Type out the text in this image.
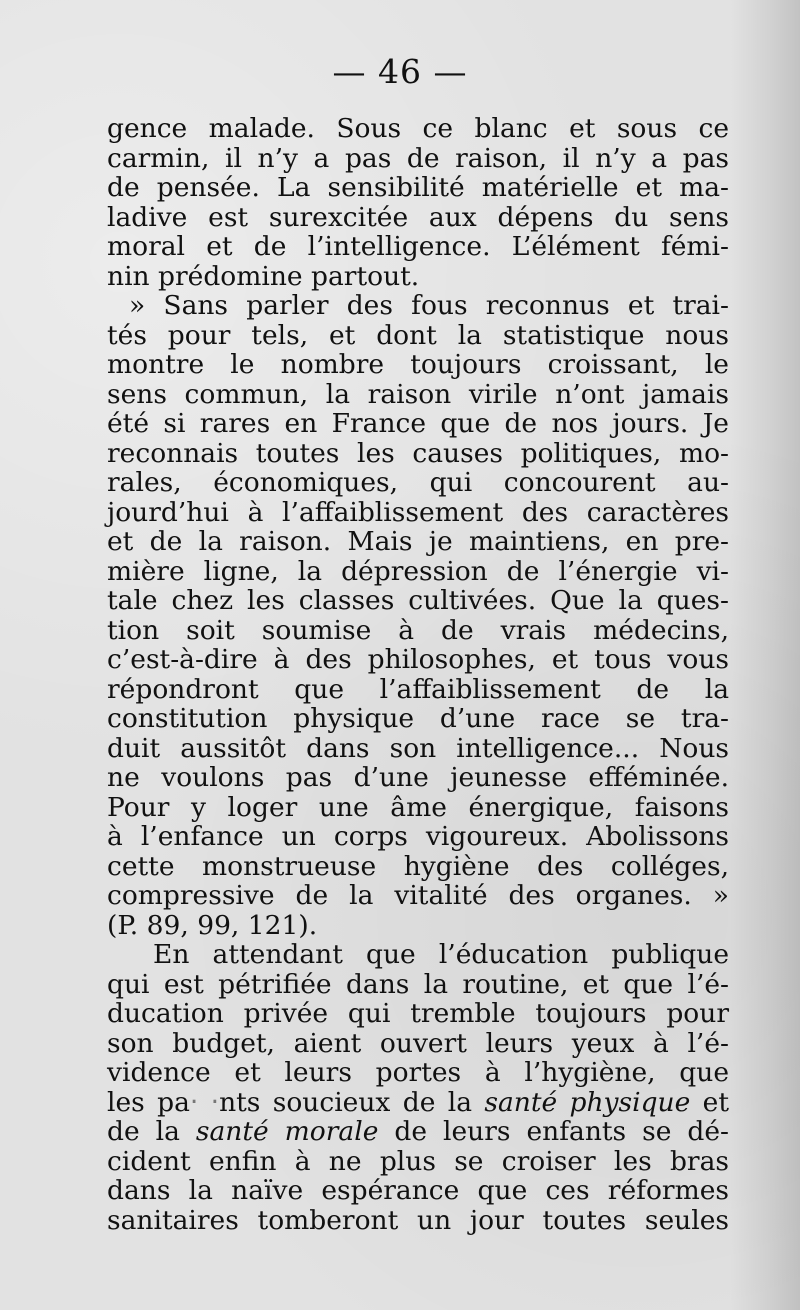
— 46 —
gence malade. Sous ce blanc et sous ce
carmin, il n’y a pas de raison, il n’y a pas
de pensée. La sensibilité matérielle et ma-
ladive est surexcitée aux dépens du sens
moral et de l’intelligence. L’élément fémi-
nin prédomine partout.
» Sans parler des fous reconnus et trai-
tés pour tels, et dont la statistique nous
montre le nombre toujours croissant, le
sens commun, la raison virile n’ont jamais
été si rares en France que de nos jours. Je
reconnais toutes les causes politiques, mo-
rales, économiques, qui concourent au-
jourd’hui à l’affaiblissement des caractères
et de la raison. Mais je maintiens, en pre-
mière ligne, la dépression de l’énergie vi-
tale chez les classes cultivées. Que la ques-
tion soit soumise à de vrais médecins,
c’est-à-dire à des philosophes, et tous vous
répondront que l’affaiblissement de la
constitution physique d’une race se tra-
duit aussitôt dans son intelligence... Nous
ne voulons pas d’une jeunesse efféminée.
Pour y loger une âme énergique, faisons
à l’enfance un corps vigoureux. Abolissons
cette monstrueuse hygiène des colléges,
compressive de la vitalité des organes. »
(P. 89, 99, 121).
En attendant que l’éducation publique
qui est pétrifiée dans la routine, et que l’é-
ducation privée qui tremble toujours pour
son budget, aient ouvert leurs yeux à l’é-
vidence et leurs portes à l’hygiène, que
les pa‧ ‧nts soucieux de la santé physique et
de la santé morale de leurs enfants se dé-
cident enfin à ne plus se croiser les bras
dans la naïve espérance que ces réformes
sanitaires tomberont un jour toutes seules
